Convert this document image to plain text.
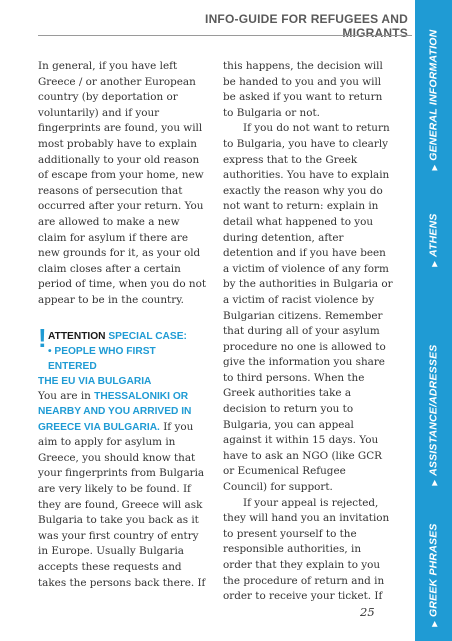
INFO-GUIDE FOR REFUGEES AND MIGRANTS

In general, if you have left Greece / or another European country (by deportation or voluntarily) and if your fingerprints are found, you will most probably have to explain additionally to your old reason of escape from your home, new reasons of persecution that occurred after your return. You are allowed to make a new claim for asylum if there are new grounds for it, as your old claim closes after a certain period of time, when you do not appear to be in the country.

! ATTENTION SPECIAL CASE:
• PEOPLE WHO FIRST ENTERED
THE EU VIA BULGARIA

You are in THESSALONIKI OR NEARBY AND YOU ARRIVED IN GREECE VIA BULGARIA. If you aim to apply for asylum in Greece, you should know that your fingerprints from Bulgaria are very likely to be found. If they are found, Greece will ask Bulgaria to take you back as it was your first country of entry in Europe. Usually Bulgaria accepts these requests and takes the persons back there. If

this happens, the decision will be handed to you and you will be asked if you want to return to Bulgaria or not.

If you do not want to return to Bulgaria, you have to clearly express that to the Greek authorities. You have to explain exactly the reason why you do not want to return: explain in detail what happened to you during detention, after detention and if you have been a victim of violence of any form by the authorities in Bulgaria or a victim of racist violence by Bulgarian citizens. Remember that during all of your asylum procedure no one is allowed to give the information you share to third persons. When the Greek authorities take a decision to return you to Bulgaria, you can appeal against it within 15 days. You have to ask an NGO (like GCR or Ecumenical Refugee Council) for support.

If your appeal is rejected, they will hand you an invitation to present yourself to the responsible authorities, in order that they explain to you the procedure of return and in order to receive your ticket. If

25
▶GENERAL INFORMATION
▶ATHENS
▶ASSISTANCE/ADRESSES
▶GREEK PHRASES
